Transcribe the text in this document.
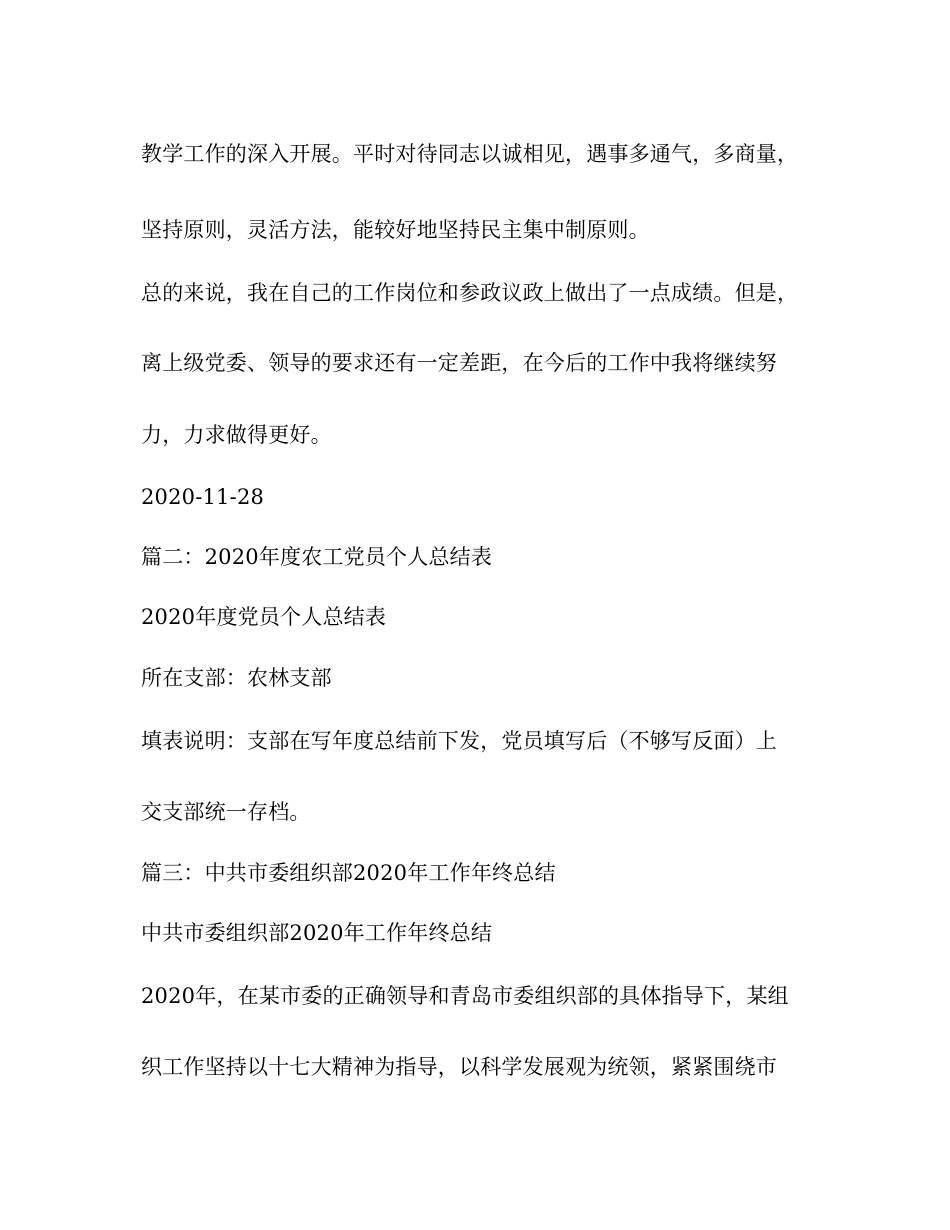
教学工作的深入开展。平时对待同志以诚相见，遇事多通气，多商量，
坚持原则，灵活方法，能较好地坚持民主集中制原则。
总的来说，我在自己的工作岗位和参政议政上做出了一点成绩。但是，
离上级党委、领导的要求还有一定差距，在今后的工作中我将继续努
力，力求做得更好。
2020-11-28
篇二：2020年度农工党员个人总结表
2020年度党员个人总结表
所在支部：农林支部
填表说明：支部在写年度总结前下发，党员填写后（不够写反面）上
交支部统一存档。
篇三：中共市委组织部2020年工作年终总结
中共市委组织部2020年工作年终总结
2020年，在某市委的正确领导和青岛市委组织部的具体指导下，某组
织工作坚持以十七大精神为指导，以科学发展观为统领，紧紧围绕市
